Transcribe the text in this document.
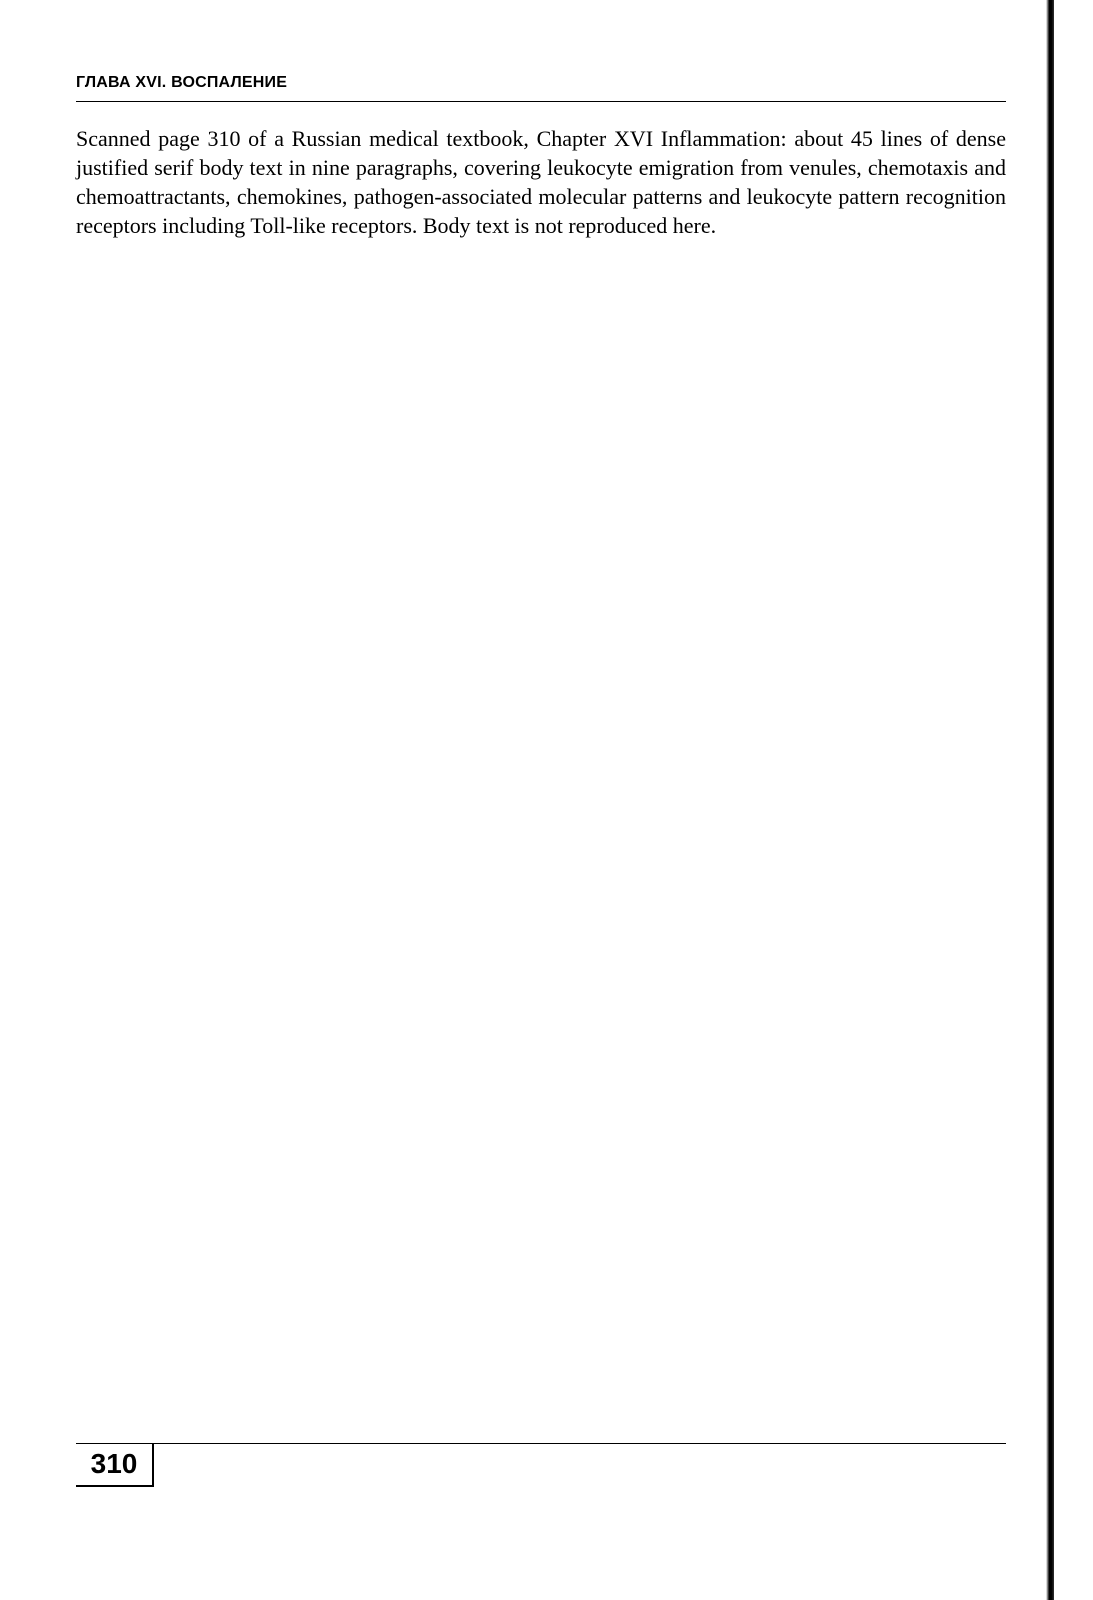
ГЛАВА XVI. ВОСПАЛЕНИЕ

Scanned page 310 of a Russian medical textbook, Chapter XVI Inflammation: about 45 lines of dense justified serif body text in nine paragraphs, covering leukocyte emigration from venules, chemotaxis and chemoattractants, chemokines, pathogen-associated molecular patterns and leukocyte pattern recognition receptors including Toll-like receptors. Body text is not reproduced here.

310
